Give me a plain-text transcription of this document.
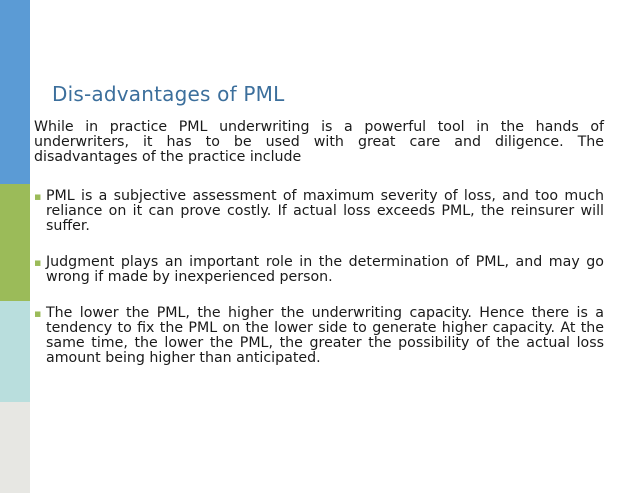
Dis-advantages of PML

While in practice PML underwriting is a powerful tool in the hands of underwriters, it has to be used with great care and diligence. The disadvantages of the practice include

▪ PML is a subjective assessment of maximum severity of loss, and too much reliance on it can prove costly. If actual loss exceeds PML, the reinsurer will suffer.
▪ Judgment plays an important role in the determination of PML, and may go wrong if made by inexperienced person.
▪ The lower the PML, the higher the underwriting capacity. Hence there is a tendency to fix the PML on the lower side to generate higher capacity. At the same time, the lower the PML, the greater the possibility of the actual loss amount being higher than anticipated.
